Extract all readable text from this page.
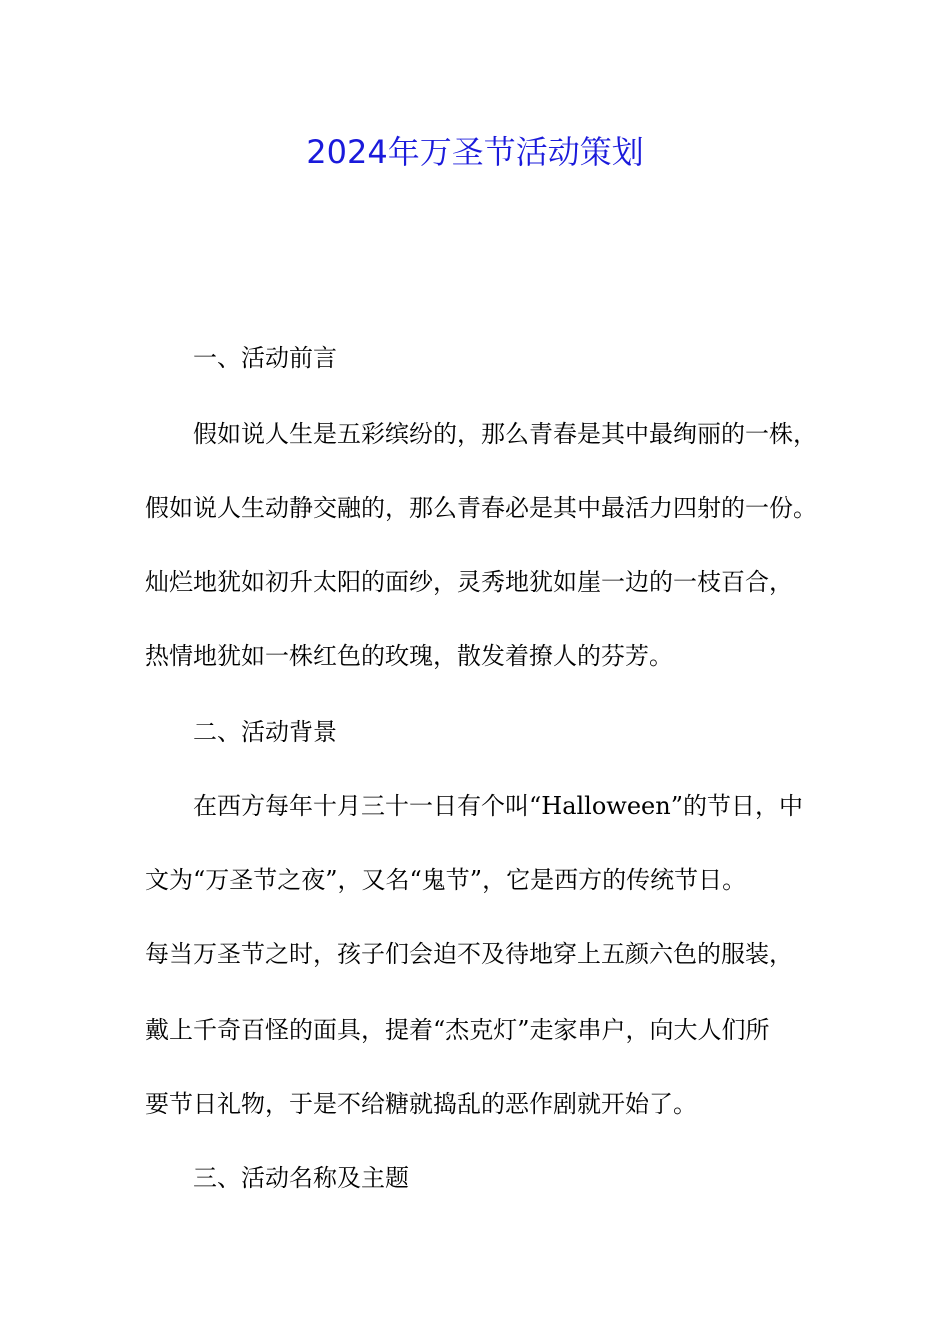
2024年万圣节活动策划

一、活动前言

假如说人生是五彩缤纷的，那么青春是其中最绚丽的一株，

假如说人生动静交融的，那么青春必是其中最活力四射的一份。

灿烂地犹如初升太阳的面纱，灵秀地犹如崖一边的一枝百合，

热情地犹如一株红色的玫瑰，散发着撩人的芬芳。

二、活动背景

在西方每年十月三十一日有个叫“Halloween”的节日，中

文为“万圣节之夜”，又名“鬼节”，它是西方的传统节日。

每当万圣节之时，孩子们会迫不及待地穿上五颜六色的服装，

戴上千奇百怪的面具，提着“杰克灯”走家串户，向大人们所

要节日礼物，于是不给糖就捣乱的恶作剧就开始了。

三、活动名称及主题
